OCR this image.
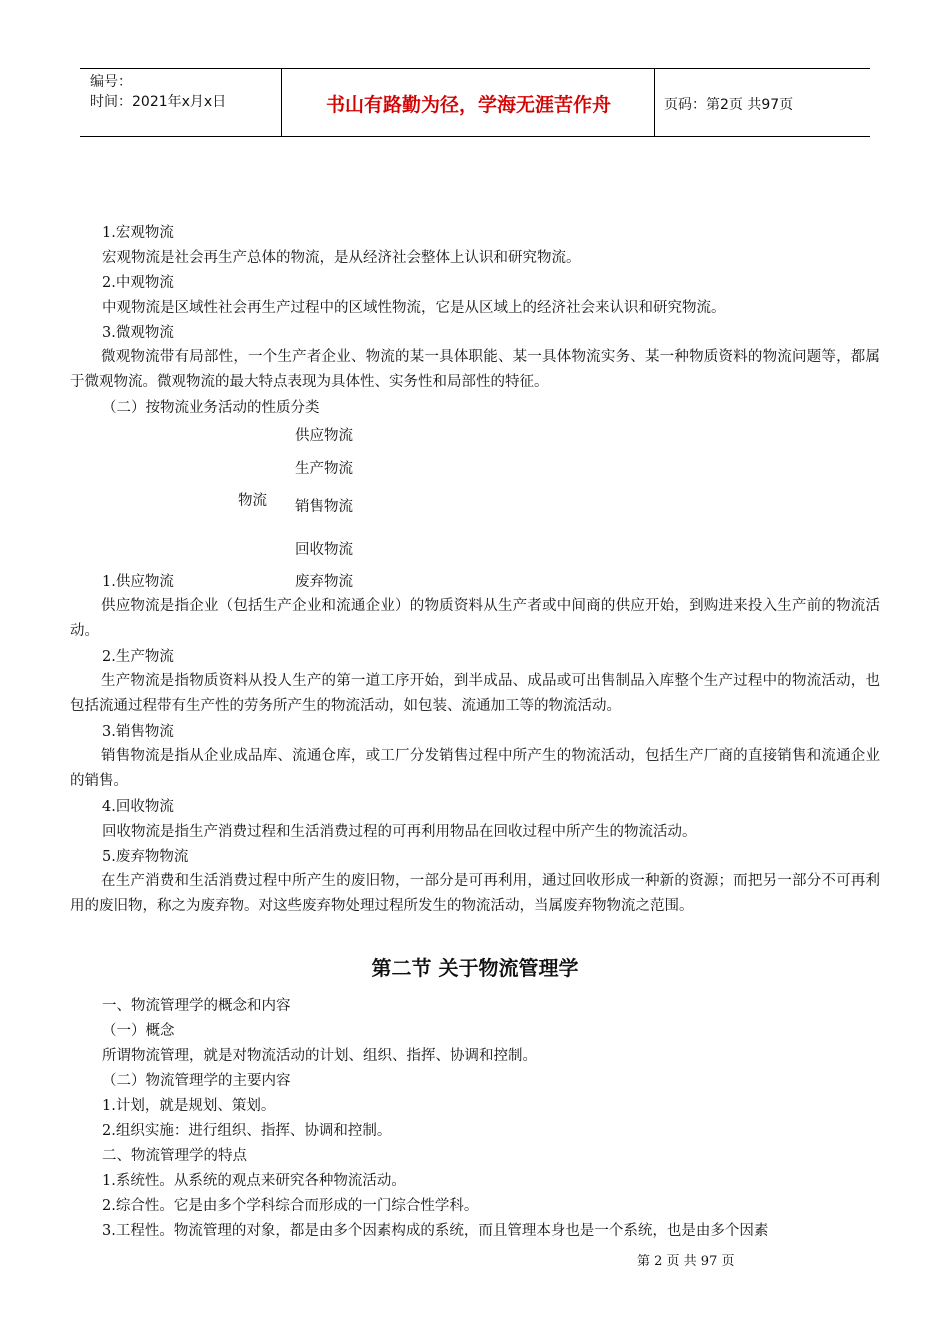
编号：
时间：2021年x月x日	书山有路勤为径，学海无涯苦作舟	页码：第2页 共97页
1.宏观物流
宏观物流是社会再生产总体的物流，是从经济社会整体上认识和研究物流。
2.中观物流
中观物流是区域性社会再生产过程中的区域性物流，它是从区域上的经济社会来认识和研究物流。
3.微观物流
微观物流带有局部性，一个生产者企业、物流的某一具体职能、某一具体物流实务、某一种物质资料的物流问题等，都属于微观物流。微观物流的最大特点表现为具体性、实务性和局部性的特征。
（二）按物流业务活动的性质分类
物流
供应物流
生产物流
销售物流
回收物流
废弃物流
1.供应物流
供应物流是指企业（包括生产企业和流通企业）的物质资料从生产者或中间商的供应开始，到购进来投入生产前的物流活动。
2.生产物流
生产物流是指物质资料从投人生产的第一道工序开始，到半成品、成品或可出售制品入库整个生产过程中的物流活动，也包括流通过程带有生产性的劳务所产生的物流活动，如包装、流通加工等的物流活动。
3.销售物流
销售物流是指从企业成品库、流通仓库，或工厂分发销售过程中所产生的物流活动，包括生产厂商的直接销售和流通企业的销售。
4.回收物流
回收物流是指生产消费过程和生活消费过程的可再利用物品在回收过程中所产生的物流活动。
5.废弃物物流
在生产消费和生活消费过程中所产生的废旧物，一部分是可再利用，通过回收形成一种新的资源；而把另一部分不可再利用的废旧物，称之为废弃物。对这些废弃物处理过程所发生的物流活动，当属废弃物物流之范围。
第二节 关于物流管理学
一、物流管理学的概念和内容
（一）概念
所谓物流管理，就是对物流活动的计划、组织、指挥、协调和控制。
（二）物流管理学的主要内容
1.计划，就是规划、策划。
2.组织实施：进行组织、指挥、协调和控制。
二、物流管理学的特点
1.系统性。从系统的观点来研究各种物流活动。
2.综合性。它是由多个学科综合而形成的一门综合性学科。
3.工程性。物流管理的对象，都是由多个因素构成的系统，而且管理本身也是一个系统，也是由多个因素
第 2 页 共 97 页
